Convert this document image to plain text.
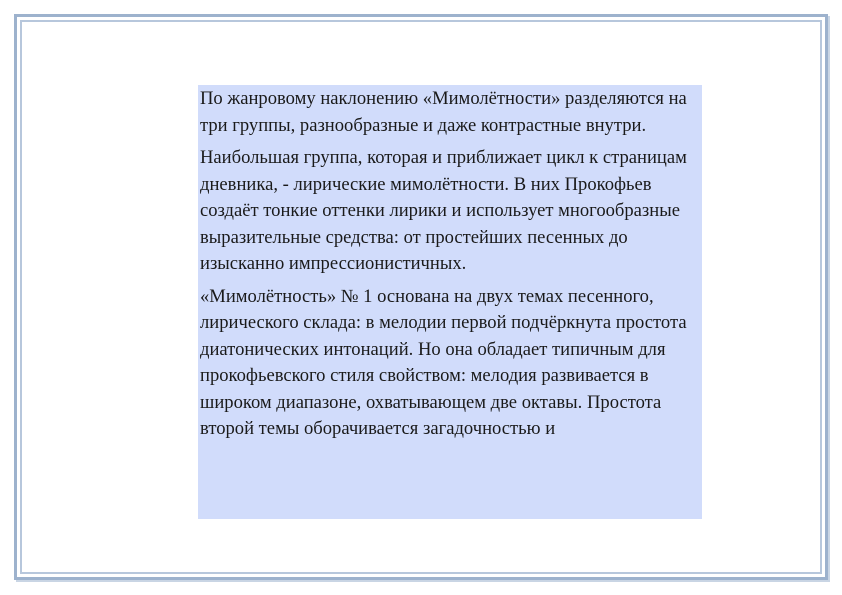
По жанровому наклонению «Мимолётности» разделяются на три группы, разнообразные и даже контрастные внутри.

Наибольшая группа, которая и приближает цикл к страницам дневника, - лирические мимолётности. В них Прокофьев создаёт тонкие оттенки лирики и использует многообразные выразительные средства: от простейших песенных до изысканно импрессионистичных.

«Мимолётность» № 1 основана на двух темах песенного, лирического склада: в мелодии первой подчёркнута простота диатонических интонаций. Но она обладает типичным для прокофьевского стиля свойством: мелодия развивается в широком диапазоне, охватывающем две октавы. Простота второй темы оборачивается загадочностью и
